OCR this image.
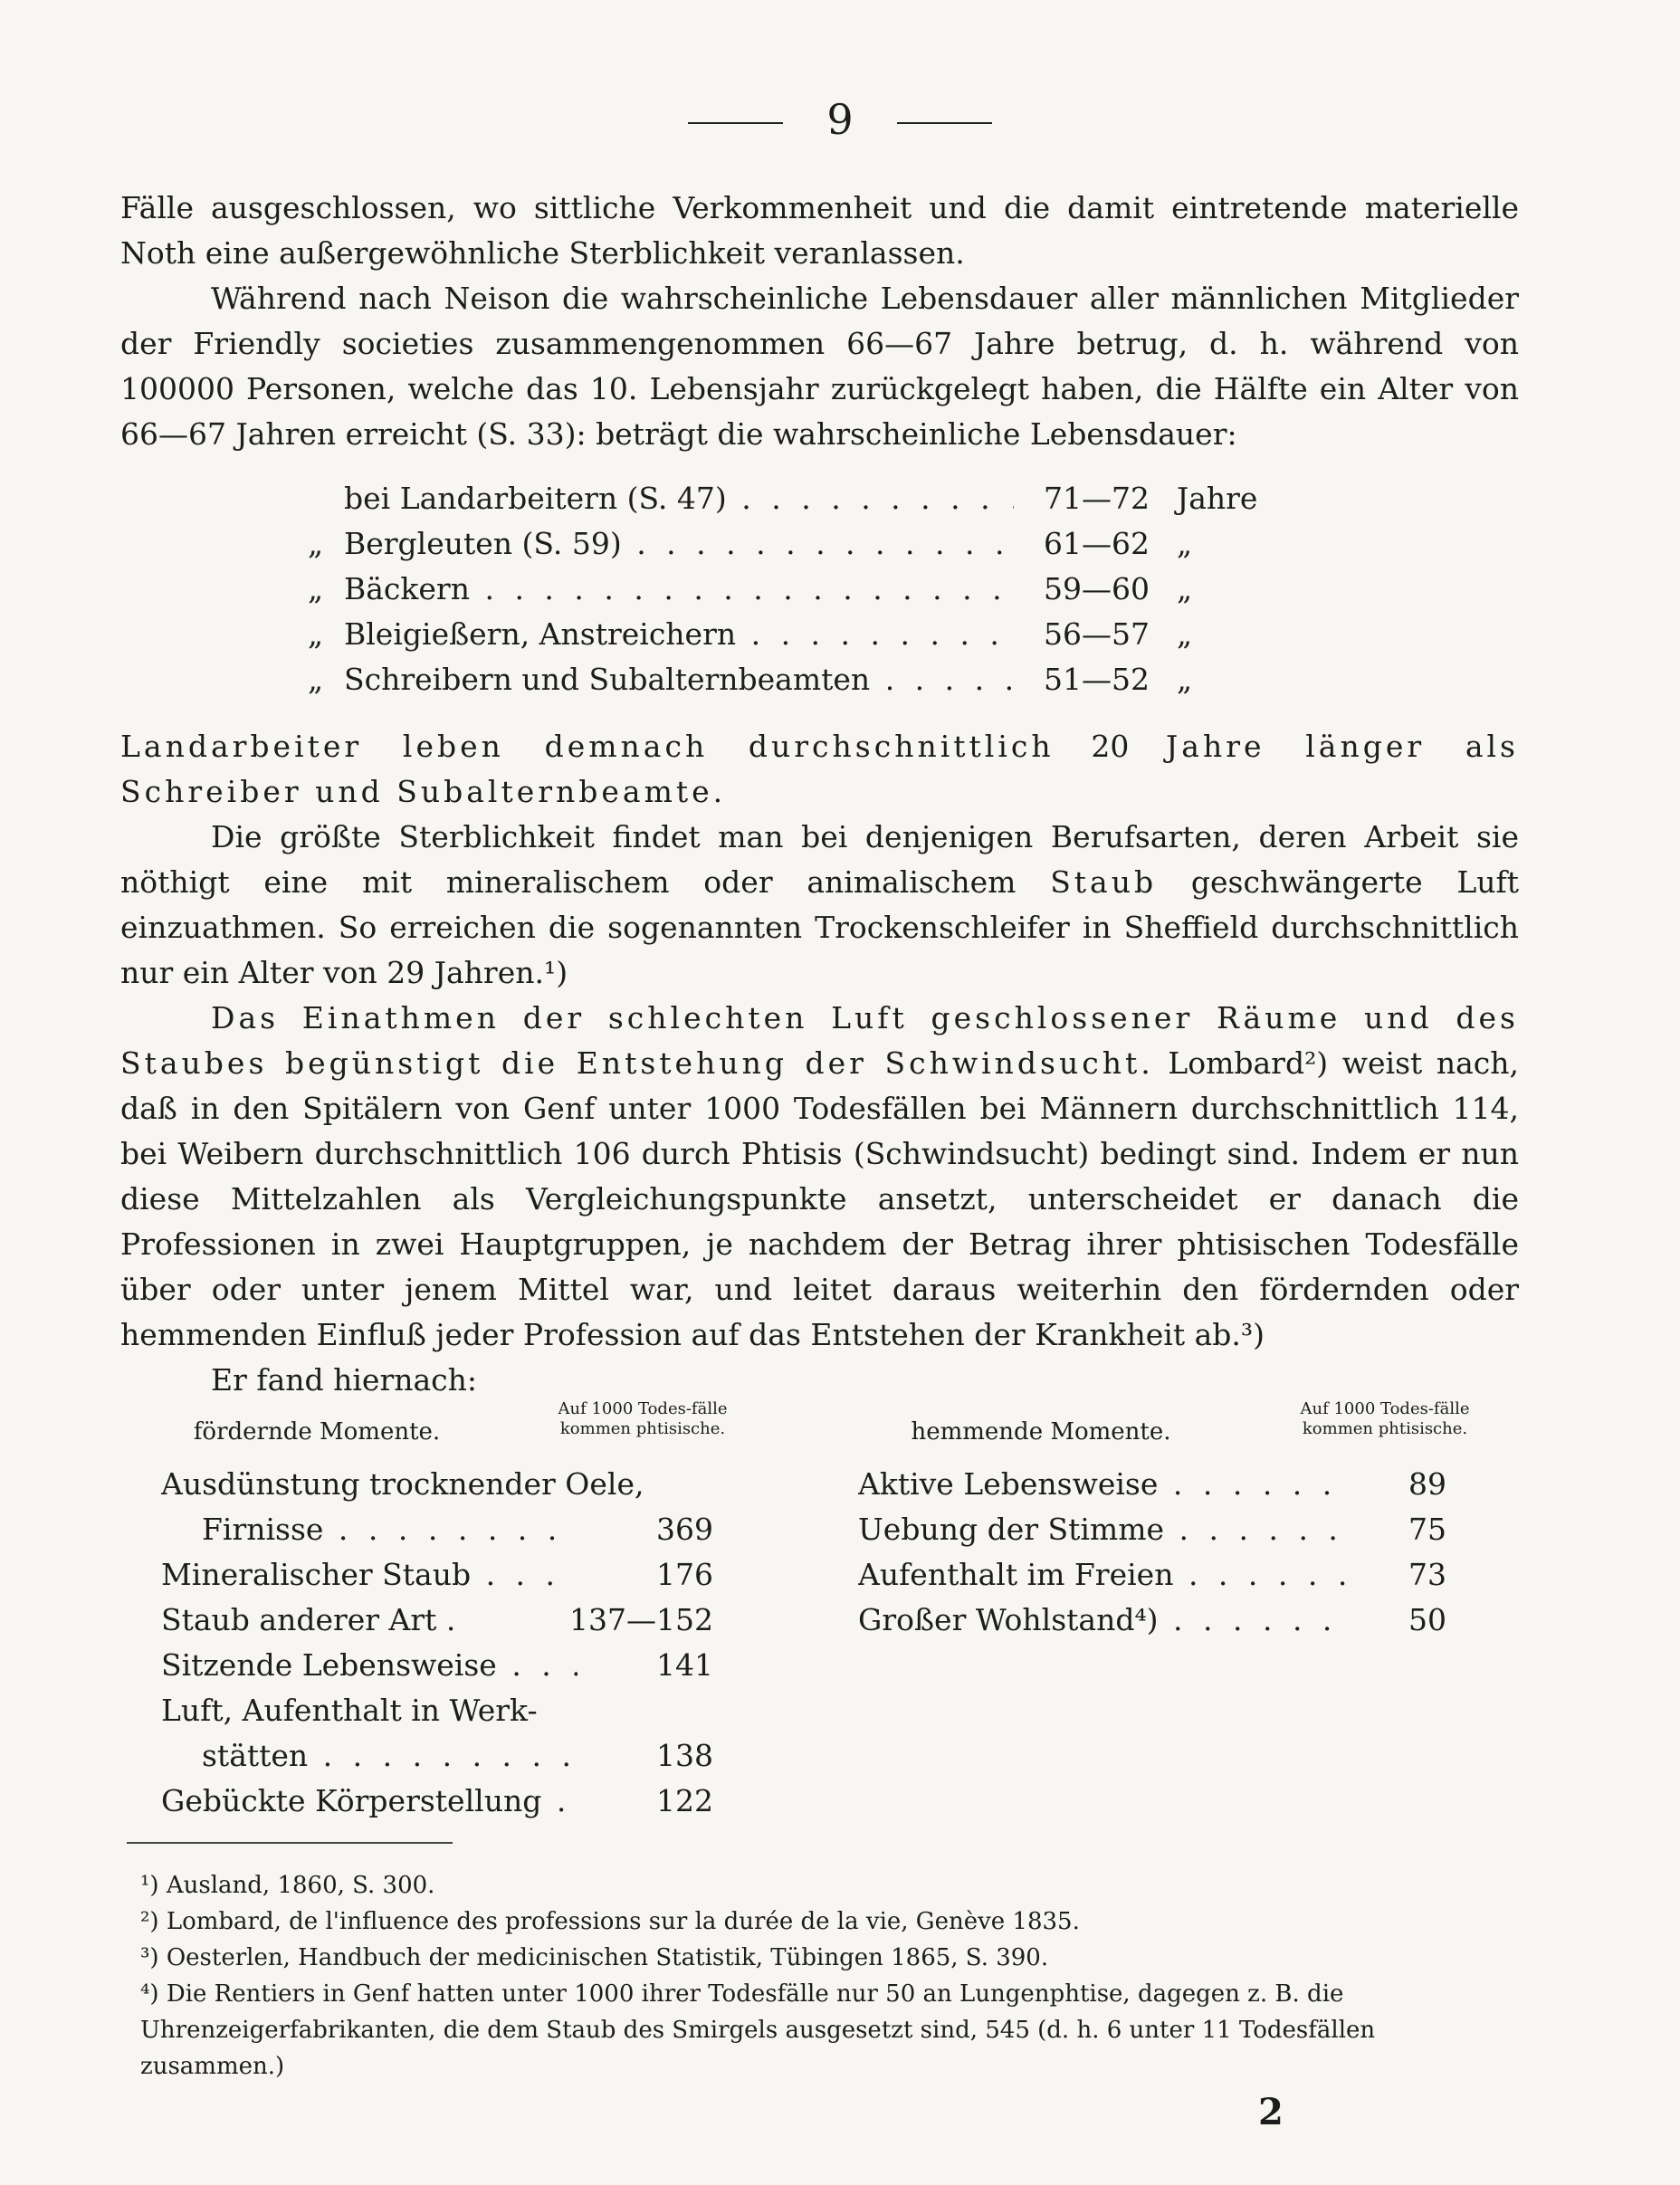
9
Fälle ausgeschlossen, wo sittliche Verkommenheit und die damit eintretende materielle Noth eine außergewöhnliche Sterblichkeit veranlassen.
Während nach Neison die wahrscheinliche Lebensdauer aller männlichen Mitglieder der Friendly societies zusammengenommen 66—67 Jahre betrug, d. h. während von 100000 Personen, welche das 10. Lebensjahr zurückgelegt haben, die Hälfte ein Alter von 66—67 Jahren erreicht (S. 33): beträgt die wahrscheinliche Lebensdauer:
bei Landarbeitern (S. 47) . . .	71—72 Jahre
„ Bergleuten (S. 59) . . .	61—62 „
„ Bäckern . . .	59—60 „
„ Bleigießern, Anstreichern . . .	56—57 „
„ Schreibern und Subalternbeamten . . .	51—52 „
Landarbeiter leben demnach durchschnittlich 20 Jahre länger als Schreiber und Subalternbeamte.
Die größte Sterblichkeit findet man bei denjenigen Berufsarten, deren Arbeit sie nöthigt eine mit mineralischem oder animalischem Staub geschwängerte Luft einzuathmen. So erreichen die sogenannten Trockenschleifer in Sheffield durchschnittlich nur ein Alter von 29 Jahren.¹)
Das Einathmen der schlechten Luft geschlossener Räume und des Staubes begünstigt die Entstehung der Schwindsucht. Lombard²) weist nach, daß in den Spitälern von Genf unter 1000 Todesfällen bei Männern durchschnittlich 114, bei Weibern durchschnittlich 106 durch Phtisis (Schwindsucht) bedingt sind. Indem er nun diese Mittelzahlen als Vergleichungspunkte ansetzt, unterscheidet er danach die Professionen in zwei Hauptgruppen, je nachdem der Betrag ihrer phtisischen Todesfälle über oder unter jenem Mittel war, und leitet daraus weiterhin den fördernden oder hemmenden Einfluß jeder Profession auf das Entstehen der Krankheit ab.³)
Er fand hiernach:
fördernde Momente.
Auf 1000 Todes-fälle kommen phtisische.	hemmende Momente.
Auf 1000 Todes-fälle kommen phtisische.
Ausdünstung trocknender Oele,
Firnisse . . .	369
Mineralischer Staub . . .	176
Staub anderer Art .	137—152
Sitzende Lebensweise . . .	141
Luft, Aufenthalt in Werk-
stätten . . .	138
Gebückte Körperstellung . . .	122
Aktive Lebensweise . . .	89
Uebung der Stimme . . .	75
Aufenthalt im Freien . . .	73
Großer Wohlstand⁴) . . .	50
¹) Ausland, 1860, S. 300.
²) Lombard, de l'influence des professions sur la durée de la vie, Genève 1835.
³) Oesterlen, Handbuch der medicinischen Statistik, Tübingen 1865, S. 390.
⁴) Die Rentiers in Genf hatten unter 1000 ihrer Todesfälle nur 50 an Lungenphtise, dagegen z. B. die Uhrenzeigerfabrikanten, die dem Staub des Smirgels ausgesetzt sind, 545 (d. h. 6 unter 11 Todesfällen zusammen.)
2
